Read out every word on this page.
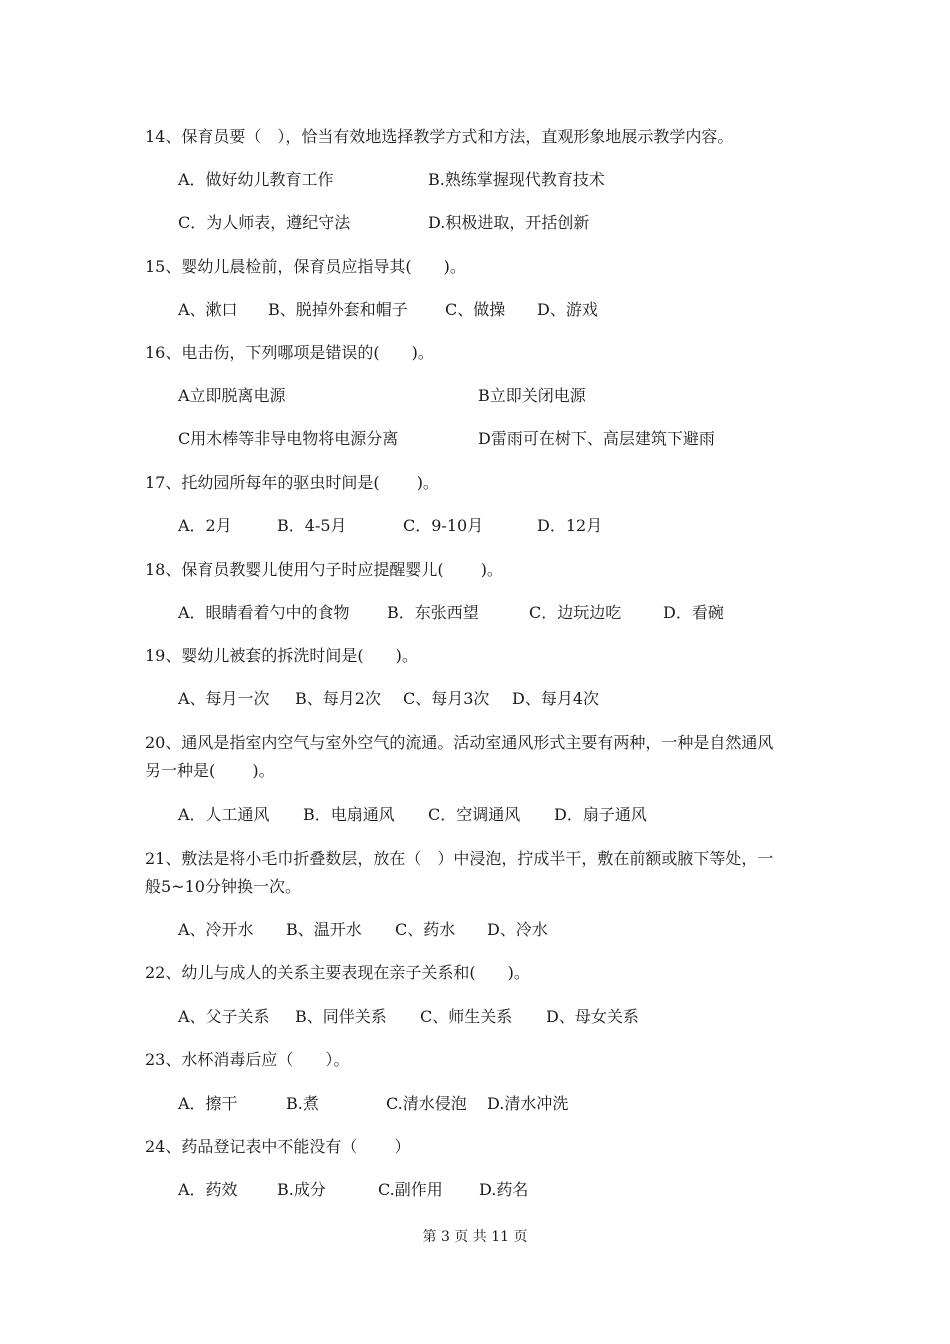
14、保育员要（　），恰当有效地选择教学方式和方法，直观形象地展示教学内容。
A．做好幼儿教育工作	B.熟练掌握现代教育技术
C．为人师表，遵纪守法	D.积极进取，开括创新
15、婴幼儿晨检前，保育员应指导其(　　)。
A、漱口 B、脱掉外套和帽子 C、做操 D、游戏
16、电击伤，下列哪项是错误的(　　)。
A立即脱离电源	B立即关闭电源
C用木棒等非导电物将电源分离	D雷雨可在树下、高层建筑下避雨
17、托幼园所每年的驱虫时间是(　　 )。
A．2月	B．4-5月	C．9-10月	D．12月
18、保育员教婴儿使用勺子时应提醒婴儿(　　 )。
A．眼睛看着勺中的食物 B．东张西望	C．边玩边吃	D．看碗
19、婴幼儿被套的拆洗时间是(　　)。
A、每月一次 B、每月2次 C、每月3次 D、每月4次
20、通风是指室内空气与室外空气的流通。活动室通风形式主要有两种，一种是自然通风
另一种是(　　 )。
A．人工通风 B．电扇通风 C．空调通风 D．扇子通风
21、敷法是将小毛巾折叠数层，放在（　）中浸泡，拧成半干，敷在前额或腋下等处，一
般5~10分钟换一次。
A、冷开水 B、温开水 C、药水 D、冷水
22、幼儿与成人的关系主要表现在亲子关系和(　　)。
A、父子关系 B、同伴关系 C、师生关系 D、母女关系
23、水杯消毒后应（　　）。
A．擦干	B.煮	C.清水侵泡 D.清水冲洗
24、药品登记表中不能没有（　　 ）
A．药效 B.成分	C.副作用 D.药名
第 3 页 共 11 页
